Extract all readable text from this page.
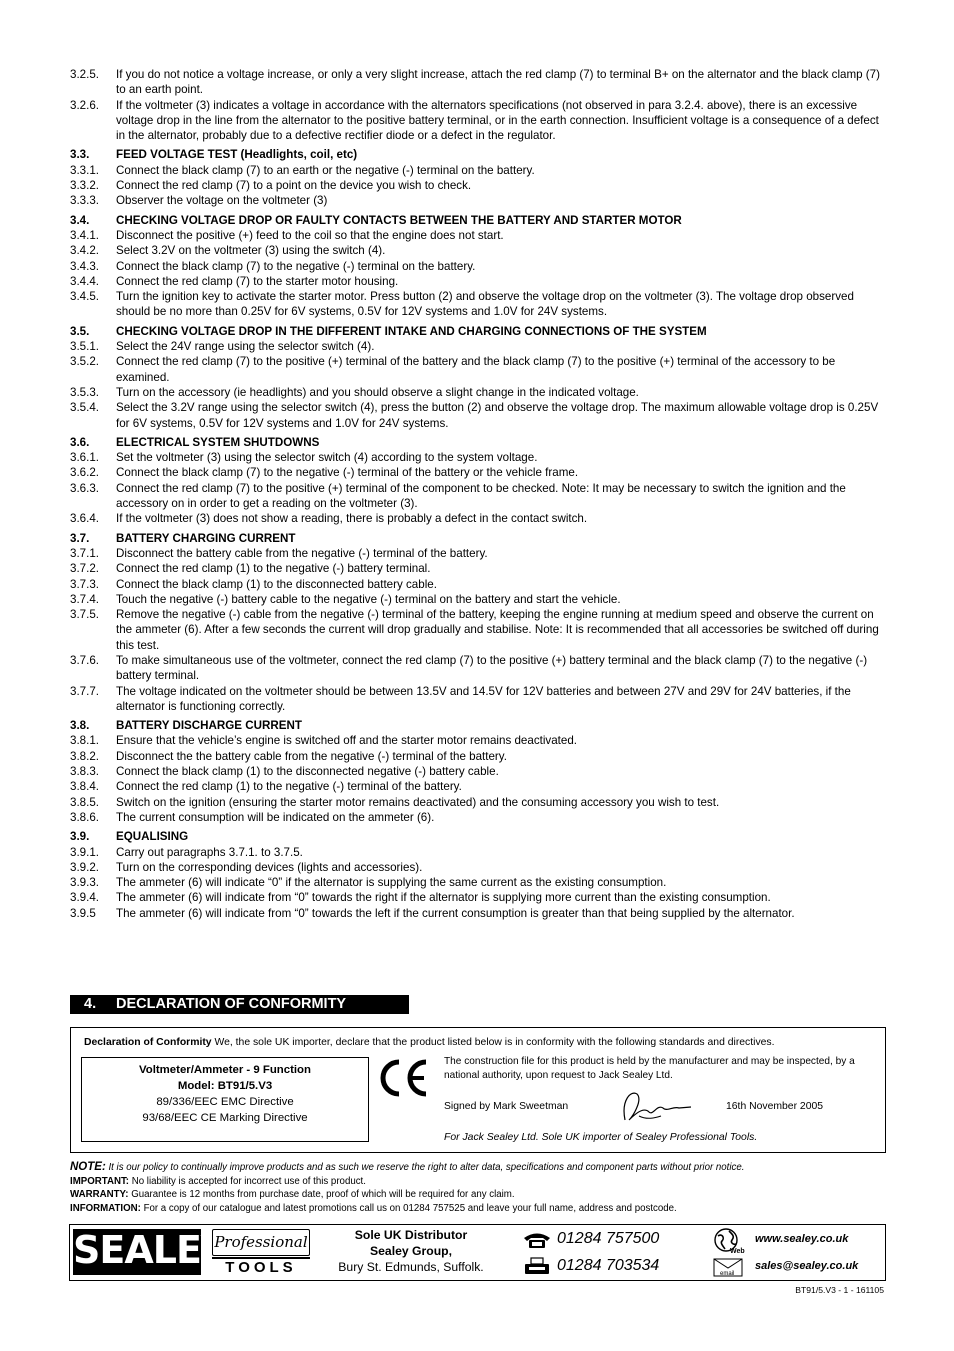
3.2.5.	If you do not notice a voltage increase, or only a very slight increase, attach the red clamp (7) to terminal B+ on the alternator and the black clamp (7) to an earth point.
3.2.6.	If the voltmeter (3) indicates a voltage in accordance with the alternators specifications (not observed in para 3.2.4. above), there is an excessive voltage drop in the line from the alternator to the positive battery terminal, or in the earth connection. Insufficient voltage is a consequence of a defect in the alternator, probably due to a defective rectifier diode or a defect in the regulator.
3.3.	FEED VOLTAGE TEST (Headlights, coil, etc)
3.3.1.	Connect the black clamp (7) to an earth or the negative (-) terminal on the battery.
3.3.2.	Connect the red clamp (7) to a point on the device you wish to check.
3.3.3.	Observer the voltage on the voltmeter (3)
3.4.	CHECKING VOLTAGE DROP OR FAULTY CONTACTS BETWEEN THE BATTERY AND STARTER MOTOR
3.4.1.	Disconnect the positive (+) feed to the coil so that the engine does not start.
3.4.2.	Select 3.2V on the voltmeter (3) using the switch (4).
3.4.3.	Connect the black clamp (7) to the negative (-) terminal on the battery.
3.4.4.	Connect the red clamp (7) to the starter motor housing.
3.4.5.	Turn the ignition key to activate the starter motor. Press button (2) and observe the voltage drop on the voltmeter (3). The voltage drop observed should be no more than 0.25V for 6V systems, 0.5V for 12V systems and 1.0V for 24V systems.
3.5.	CHECKING VOLTAGE DROP IN THE DIFFERENT INTAKE AND CHARGING CONNECTIONS OF THE SYSTEM
3.5.1.	Select the 24V range using the selector switch (4).
3.5.2.	Connect the red clamp (7) to the positive (+) terminal of the battery and the black clamp (7) to the positive (+) terminal of the accessory to be examined.
3.5.3.	Turn on the accessory (ie headlights) and you should observe a slight change in the indicated voltage.
3.5.4.	Select the 3.2V range using the selector switch (4), press the button (2) and observe the voltage drop. The maximum allowable voltage drop is 0.25V for 6V systems, 0.5V for 12V systems and 1.0V for 24V systems.
3.6.	ELECTRICAL SYSTEM SHUTDOWNS
3.6.1.	Set the voltmeter (3) using the selector switch (4) according to the system voltage.
3.6.2.	Connect the black clamp (7) to the negative (-) terminal of the battery or the vehicle frame.
3.6.3.	Connect the red clamp (7) to the positive (+) terminal of the component to be checked. Note: It may be necessary to switch the ignition and the accessory on in order to get a reading on the voltmeter (3).
3.6.4.	If the voltmeter (3) does not show a reading, there is probably a defect in the contact switch.
3.7.	BATTERY CHARGING CURRENT
3.7.1.	Disconnect the battery cable from the negative (-) terminal of the battery.
3.7.2.	Connect the red clamp (1) to the negative (-) battery terminal.
3.7.3.	Connect the black clamp (1) to the disconnected battery cable.
3.7.4.	Touch the negative (-) battery cable to the negative (-) terminal on the battery and start the vehicle.
3.7.5.	Remove the negative (-) cable from the negative (-) terminal of the battery, keeping the engine running at medium speed and observe the current on the ammeter (6). After a few seconds the current will drop gradually and stabilise. Note: It is recommended that all accessories be switched off during this test.
3.7.6.	To make simultaneous use of the voltmeter, connect the red clamp (7) to the positive (+) battery terminal and the black clamp (7) to the negative (-) battery terminal.
3.7.7.	The voltage indicated on the voltmeter should be between 13.5V and 14.5V for 12V batteries and between 27V and 29V for 24V batteries, if the alternator is functioning correctly.
3.8.	BATTERY DISCHARGE CURRENT
3.8.1.	Ensure that the vehicle’s engine is switched off and the starter motor remains deactivated.
3.8.2.	Disconnect the the battery cable from the negative (-) terminal of the battery.
3.8.3.	Connect the black clamp (1) to the disconnected negative (-) battery cable.
3.8.4.	Connect the red clamp (1) to the negative (-) terminal of the battery.
3.8.5.	Switch on the ignition (ensuring the starter motor remains deactivated) and the consuming accessory you wish to test.
3.8.6.	The current consumption will be indicated on the ammeter (6).
3.9.	EQUALISING
3.9.1.	Carry out paragraphs 3.7.1. to 3.7.5.
3.9.2.	Turn on the corresponding devices (lights and accessories).
3.9.3.	The ammeter (6) will indicate “0” if the alternator is supplying the same current as the existing consumption.
3.9.4.	The ammeter (6) will indicate from “0” towards the right if the alternator is supplying more current than the existing consumption.
3.9.5	The ammeter (6) will indicate from “0” towards the left if the current consumption is greater than that being supplied by the alternator.
4. DECLARATION OF CONFORMITY
Declaration of Conformity We, the sole UK importer, declare that the product listed below is in conformity with the following standards and directives.
Voltmeter/Ammeter - 9 Function
Model: BT91/5.V3
89/336/EEC EMC Directive
93/68/EEC CE Marking Directive
The construction file for this product is held by the manufacturer and may be inspected, by a national authority, upon request to Jack Sealey Ltd.
Signed by Mark Sweetman	16th November 2005
For Jack Sealey Ltd. Sole UK importer of Sealey Professional Tools.
NOTE: It is our policy to continually improve products and as such we reserve the right to alter data, specifications and component parts without prior notice.
IMPORTANT: No liability is accepted for incorrect use of this product.
WARRANTY: Guarantee is 12 months from purchase date, proof of which will be required for any claim.
INFORMATION: For a copy of our catalogue and latest promotions call us on 01284 757525 and leave your full name, address and postcode.
SEALEY
Professional
TOOLS
Sole UK Distributor
Sealey Group,
Bury St. Edmunds, Suffolk.
01284 757500
01284 703534
Web
www.sealey.co.uk
email
sales@sealey.co.uk
BT91/5.V3 - 1 - 161105
